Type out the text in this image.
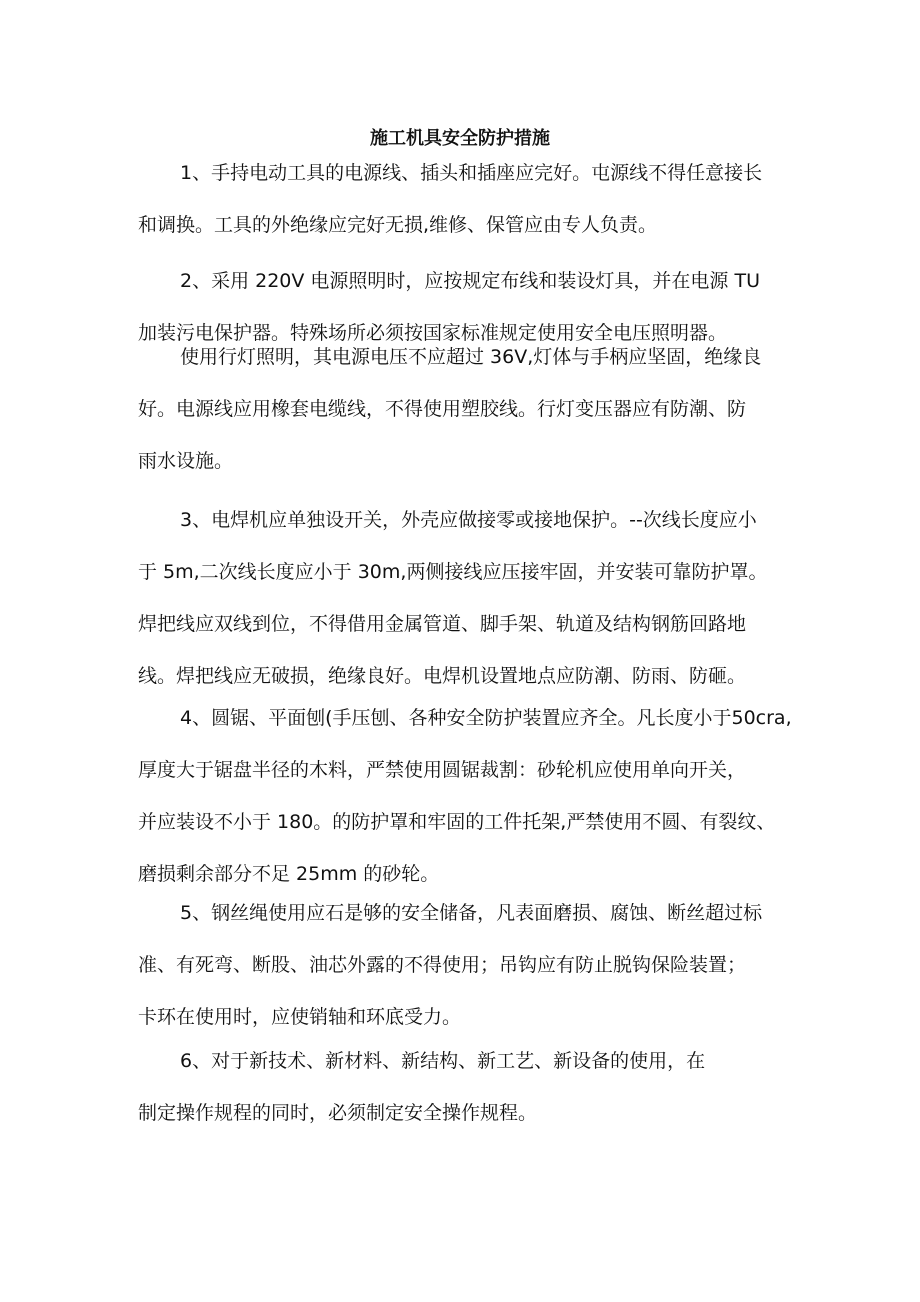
施工机具安全防护措施
1、手持电动工具的电源线、插头和插座应完好。屯源线不得任意接长
和调换。工具的外绝缘应完好无损,维修、保管应由专人负责。
2、采用 220V 电源照明时，应按规定布线和装设灯具，并在电源 TU
加装污电保护器。特殊场所必须按国家标准规定使用安全电压照明器。
使用行灯照明，其电源电压不应超过 36V,灯体与手柄应坚固，绝缘良
好。电源线应用橡套电缆线，不得使用塑胶线。行灯变压器应有防潮、防
雨水设施。
3、电焊机应单独设开关，外壳应做接零或接地保护。--次线长度应小
于 5m,二次线长度应小于 30m,两侧接线应压接牢固，并安装可靠防护罩。
焊把线应双线到位，不得借用金属管道、脚手架、轨道及结构钢筋回路地
线。焊把线应无破损，绝缘良好。电焊机设置地点应防潮、防雨、防砸。
4、圆锯、平面刨(手压刨、各种安全防护装置应齐全。凡长度小于50cra,
厚度大于锯盘半径的木料，严禁使用圆锯裁割：砂轮机应使用单向开关，
并应装设不小于 180。的防护罩和牢固的工件托架,严禁使用不圆、有裂纹、
磨损剩余部分不足 25mm 的砂轮。
5、钢丝绳使用应石是够的安全储备，凡表面磨损、腐蚀、断丝超过标
准、有死弯、断股、油芯外露的不得使用；吊钩应有防止脱钩保险装置；
卡环在使用时，应使销轴和环底受力。
6、对于新技术、新材料、新结构、新工艺、新设备的使用，在
制定操作规程的同时，必须制定安全操作规程。
